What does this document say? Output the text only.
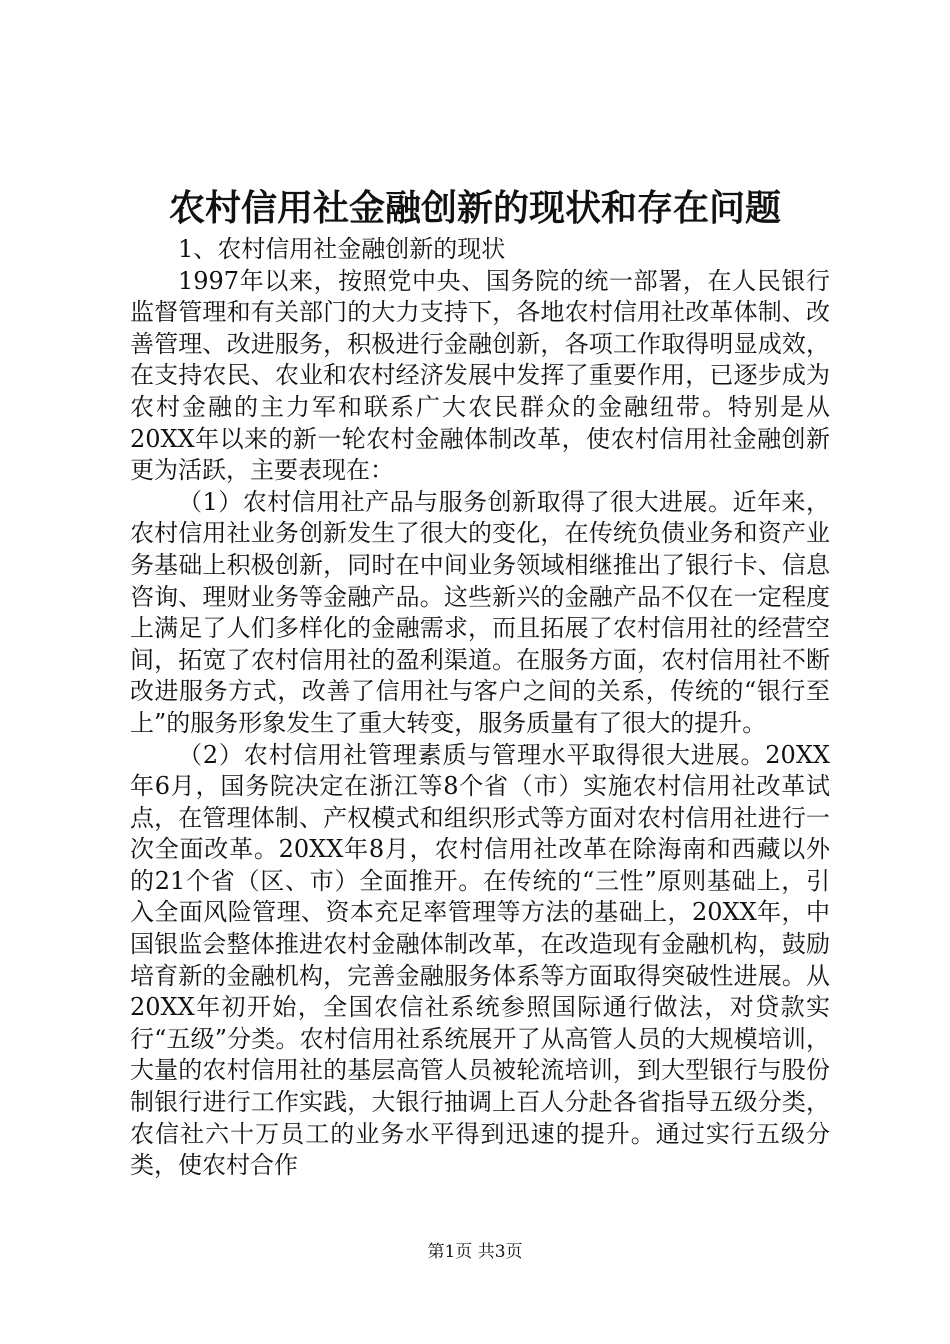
农村信用社金融创新的现状和存在问题

1、农村信用社金融创新的现状

1997年以来，按照党中央、国务院的统一部署，在人民银行监督管理和有关部门的大力支持下，各地农村信用社改革体制、改善管理、改进服务，积极进行金融创新，各项工作取得明显成效，在支持农民、农业和农村经济发展中发挥了重要作用，已逐步成为农村金融的主力军和联系广大农民群众的金融纽带。特别是从20XX年以来的新一轮农村金融体制改革，使农村信用社金融创新更为活跃，主要表现在：

（1）农村信用社产品与服务创新取得了很大进展。近年来，农村信用社业务创新发生了很大的变化，在传统负债业务和资产业务基础上积极创新，同时在中间业务领域相继推出了银行卡、信息咨询、理财业务等金融产品。这些新兴的金融产品不仅在一定程度上满足了人们多样化的金融需求，而且拓展了农村信用社的经营空间，拓宽了农村信用社的盈利渠道。在服务方面，农村信用社不断改进服务方式，改善了信用社与客户之间的关系，传统的“银行至上”的服务形象发生了重大转变，服务质量有了很大的提升。

（2）农村信用社管理素质与管理水平取得很大进展。20XX年6月，国务院决定在浙江等8个省（市）实施农村信用社改革试点，在管理体制、产权模式和组织形式等方面对农村信用社进行一次全面改革。20XX年8月，农村信用社改革在除海南和西藏以外的21个省（区、市）全面推开。在传统的“三性”原则基础上，引入全面风险管理、资本充足率管理等方法的基础上，20XX年，中国银监会整体推进农村金融体制改革，在改造现有金融机构，鼓励培育新的金融机构，完善金融服务体系等方面取得突破性进展。从20XX年初开始，全国农信社系统参照国际通行做法，对贷款实行“五级”分类。农村信用社系统展开了从高管人员的大规模培训，大量的农村信用社的基层高管人员被轮流培训，到大型银行与股份制银行进行工作实践，大银行抽调上百人分赴各省指导五级分类，农信社六十万员工的业务水平得到迅速的提升。通过实行五级分类，使农村合作

第1页 共3页
